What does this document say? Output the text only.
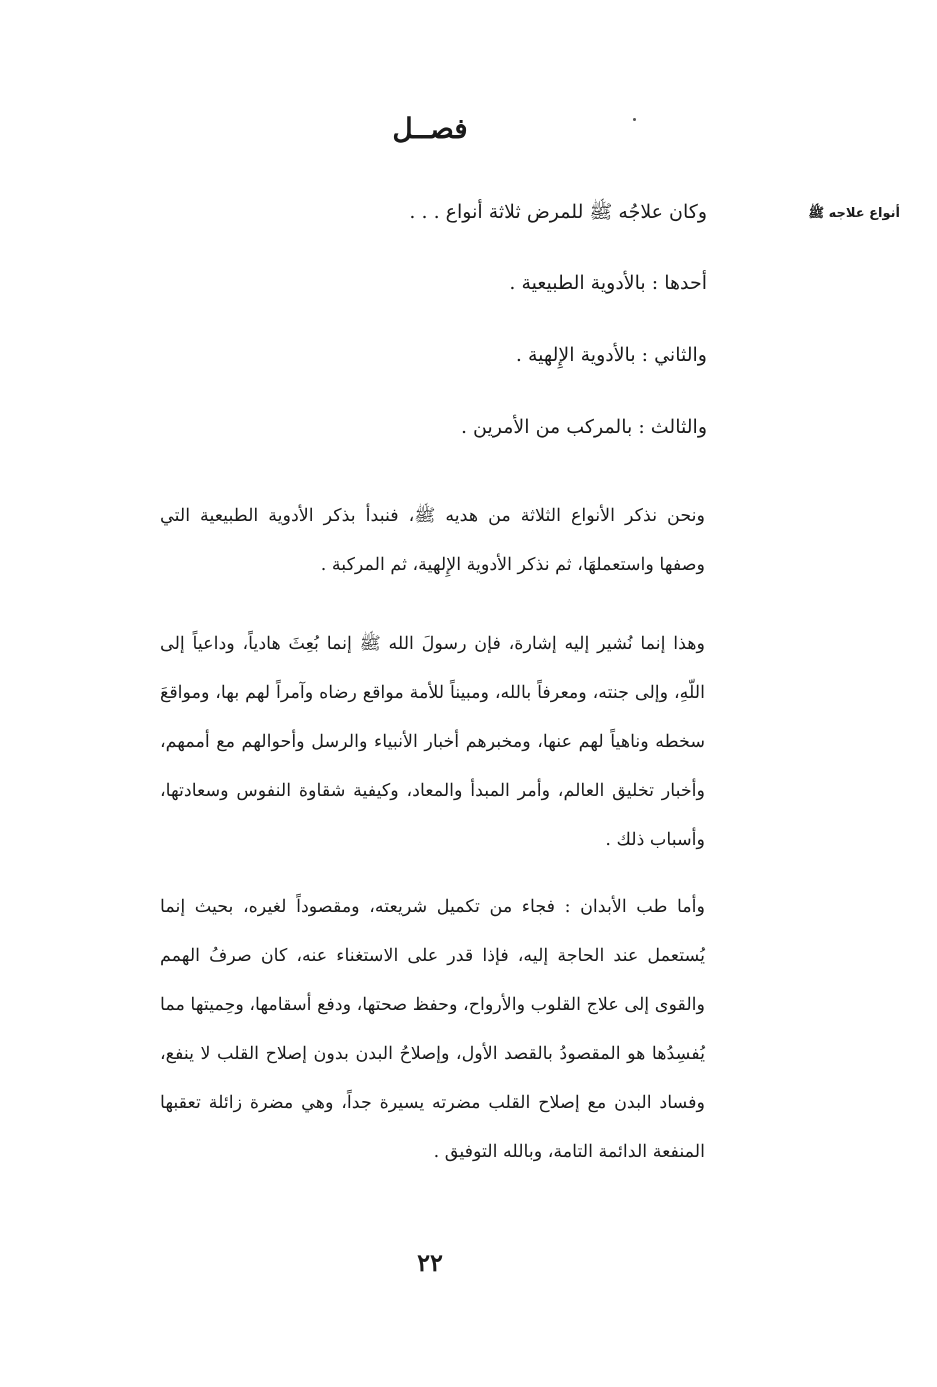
فصــل
أنواع علاجه ﷺ
وكان علاجُه ﷺ للمرض ثلاثة أنواع . . .
أحدها : بالأدوية الطبيعية .
والثاني : بالأدوية الإِلهية .
والثالث : بالمركب من الأمرين .
ونحن نذكر الأنواع الثلاثة من هديه ﷺ، فنبدأ بذكر الأدوية الطبيعية التي وصفها واستعملهَا، ثم نذكر الأدوية الإِلهية، ثم المركبة .
وهذا إنما نُشير إليه إشارة، فإن رسولَ الله ﷺ إنما بُعِثَ هادياً، وداعياً إلى اللّهِ، وإلى جنته، ومعرفاً بالله، ومبيناً للأمة مواقع رضاه وآمراً لهم بها، ومواقعَ سخطه وناهياً لهم عنها، ومخبرهم أخبار الأنبياء والرسل وأحوالهم مع أممهم، وأخبار تخليق العالم، وأمر المبدأ والمعاد، وكيفية شقاوة النفوس وسعادتها، وأسباب ذلك .
وأما طب الأبدان : فجاء من تكميل شريعته، ومقصوداً لغيره، بحيث إنما يُستعمل عند الحاجة إليه، فإذا قدر على الاستغناء عنه، كان صرفُ الهمم والقوى إلى علاج القلوب والأرواح، وحفظ صحتها، ودفع أسقامها، وحِميتها مما يُفسِدُها هو المقصودُ بالقصد الأول، وإصلاحُ البدن بدون إصلاح القلب لا ينفع، وفساد البدن مع إصلاح القلب مضرته يسيرة جداً، وهي مضرة زائلة تعقبها المنفعة الدائمة التامة، وبالله التوفيق .
٢٢
